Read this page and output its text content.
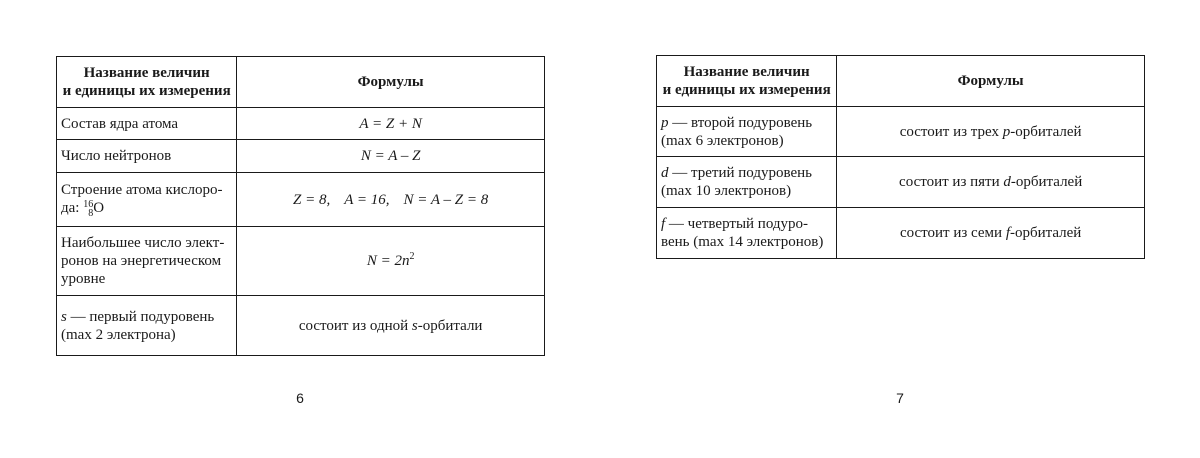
Название величин
и единицы их измерения	Формулы
Состав ядра атома	A = Z + N
Число нейтронов	N = A – Z
Строение атома кислоро-
да: 16
8 O	Z = 8, A = 16, N = A – Z = 8
Наибольшее число элект-
ронов на энергетическом
уровне	$N = 2n^2$
s — первый подуровень
(max 2 электрона)	состоит из одной s-орбитали
6
Название величин
и единицы их измерения	Формулы
p — второй подуровень
(max 6 электронов)	состоит из трех p-орбиталей
d — третий подуровень
(max 10 электронов)	состоит из пяти d-орбиталей
f — четвертый подуро-
вень (max 14 электронов)	состоит из семи f-орбиталей
7
